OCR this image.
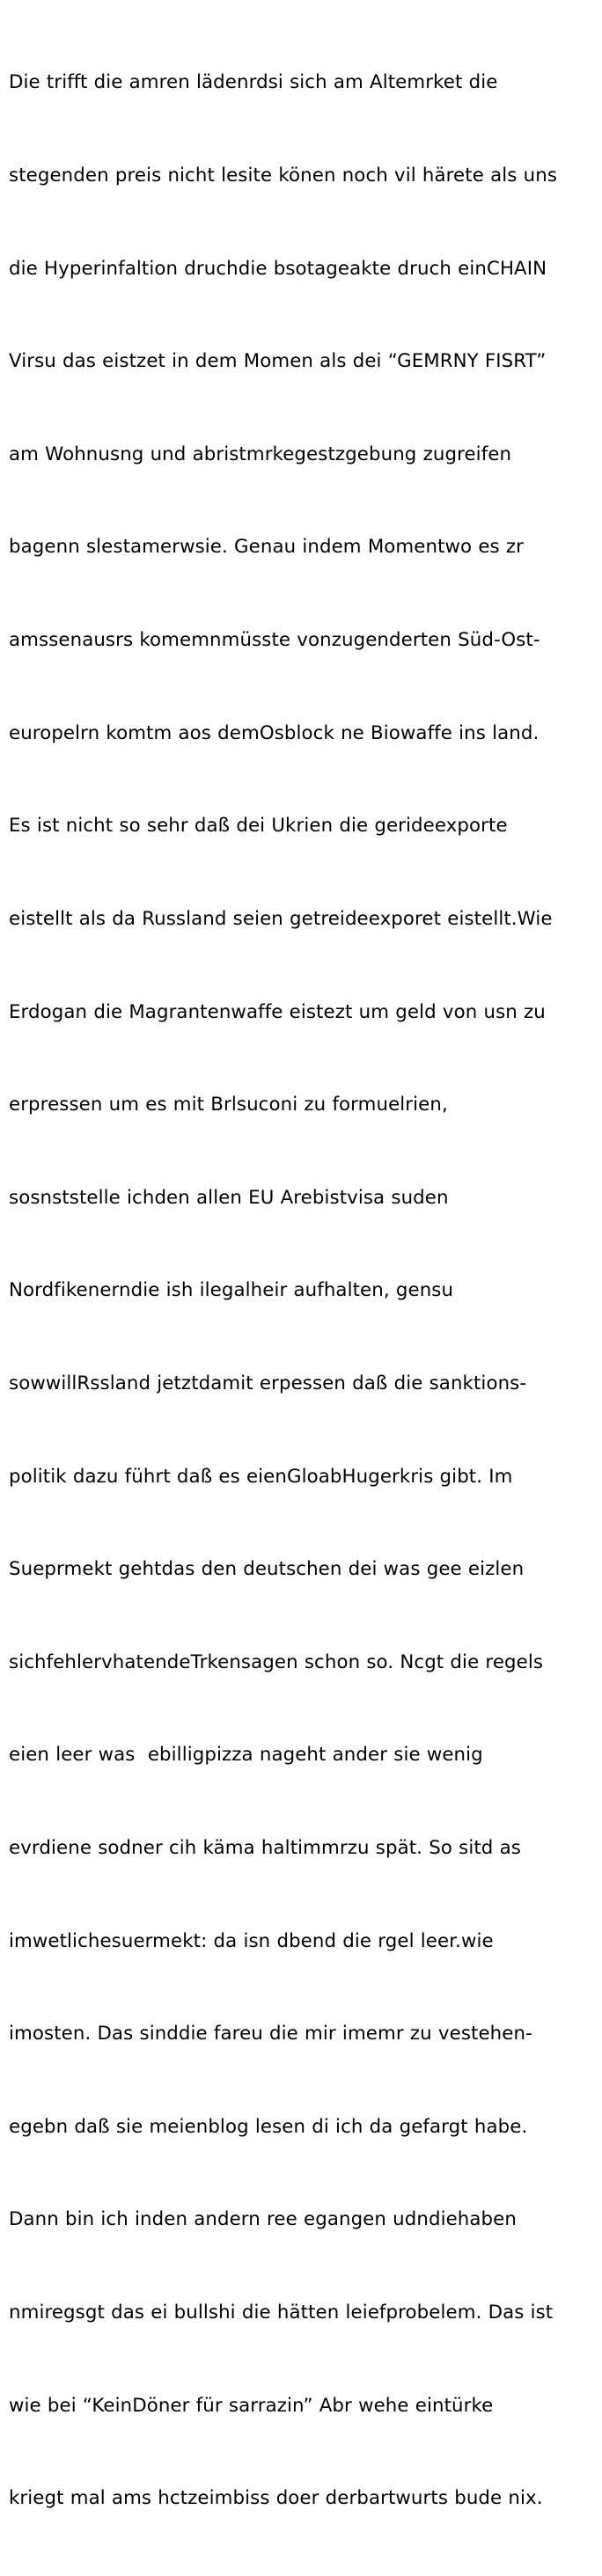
Die trifft die amren lädenrdsi sich am Altemrket die

stegenden preis nicht lesite könen noch vil härete als uns

die Hyperinfaltion druchdie bsotageakte druch einCHAIN

Virsu das eistzet in dem Momen als dei “GEMRNY FISRT”

am Wohnusng und abristmrkegestzgebung zugreifen

bagenn slestamerwsie. Genau indem Momentwo es zr

amssenausrs komemnmüsste vonzugenderten Süd-Ost-

europelrn komtm aos demOsblock ne Biowaffe ins land.

Es ist nicht so sehr daß dei Ukrien die gerideexporte

eistellt als da Russland seien getreideexporet eistellt.Wie

Erdogan die Magrantenwaffe eistezt um geld von usn zu

erpressen um es mit Brlsuconi zu formuelrien,

sosnststelle ichden allen EU Arebistvisa suden

Nordfikenerndie ish ilegalheir aufhalten, gensu

sowwillRssland jetztdamit erpessen daß die sanktions-

politik dazu führt daß es eienGloabHugerkris gibt. Im

Sueprmekt gehtdas den deutschen dei was gee eizlen

sichfehlervhatendeTrkensagen schon so. Ncgt die regels

eien leer was  ebilligpizza nageht ander sie wenig

evrdiene sodner cih käma haltimmrzu spät. So sitd as

imwetlichesuermekt: da isn dbend die rgel leer.wie

imosten. Das sinddie fareu die mir imemr zu vestehen-

egebn daß sie meienblog lesen di ich da gefargt habe.

Dann bin ich inden andern ree egangen udndiehaben

nmiregsgt das ei bullshi die hätten leiefprobelem. Das ist

wie bei “KeinDöner für sarrazin” Abr wehe eintürke

kriegt mal ams hctzeimbiss doer derbartwurts bude nix.
